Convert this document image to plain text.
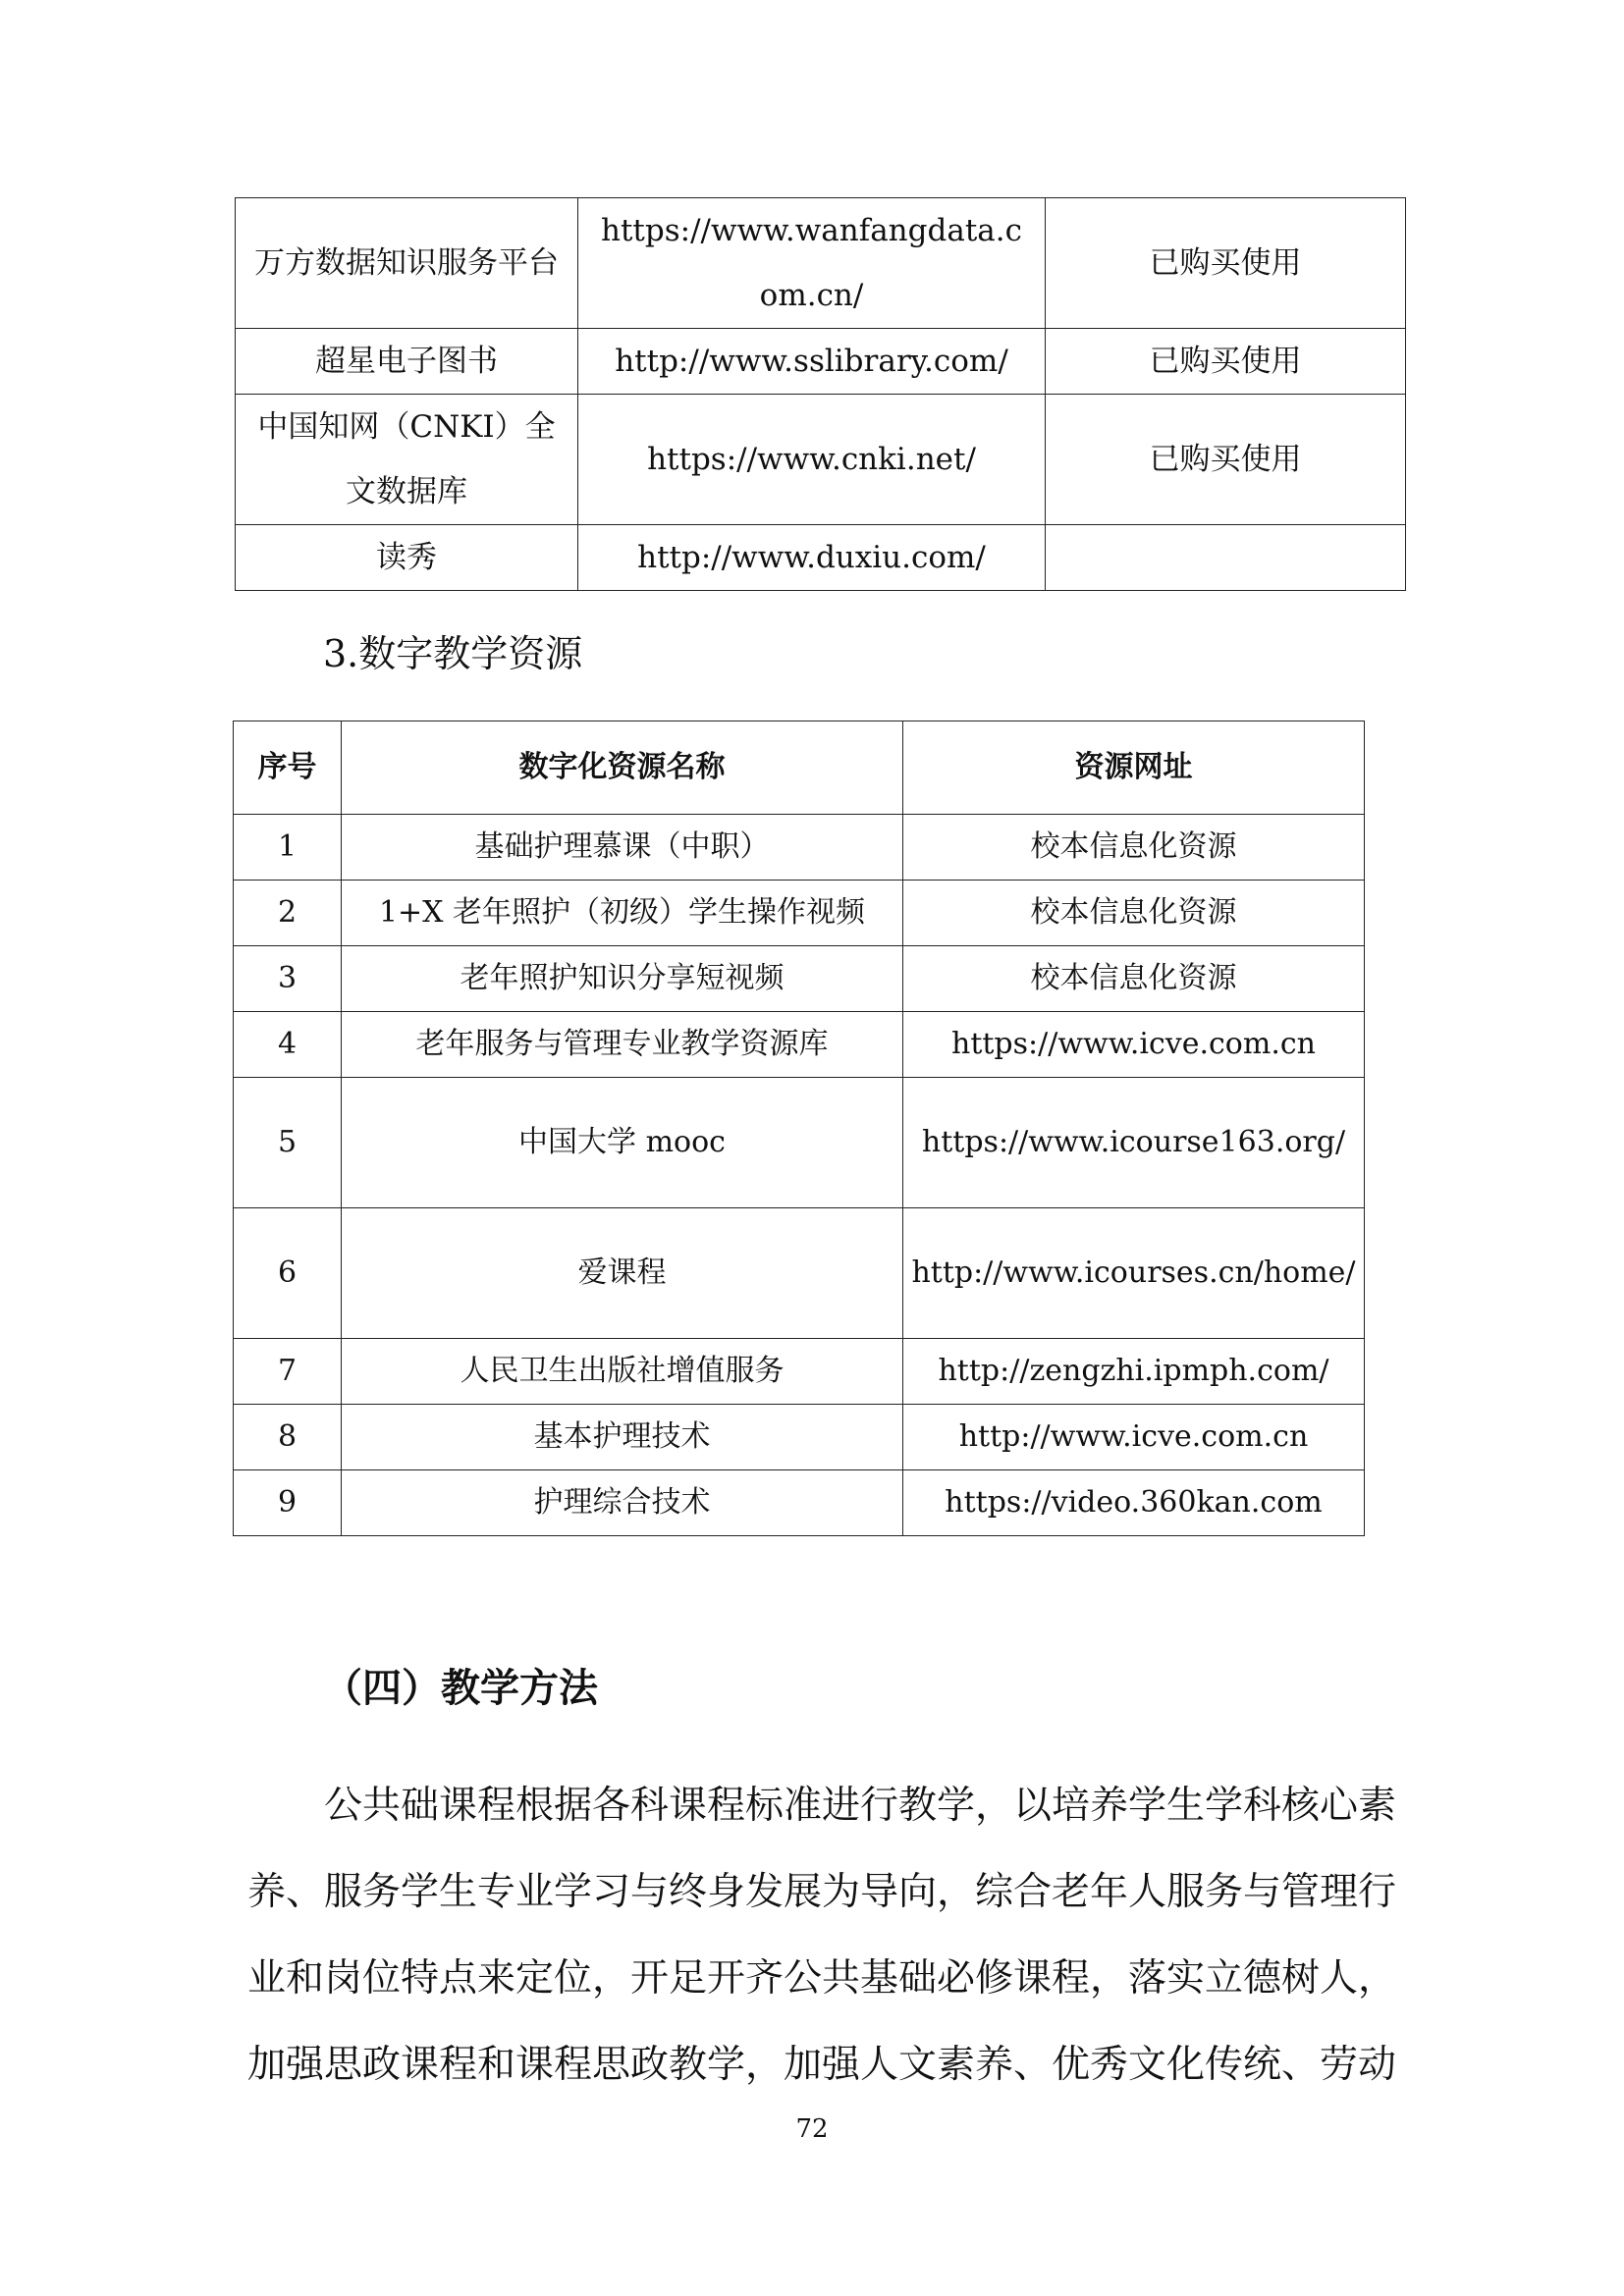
万方数据知识服务平台	https://www.wanfangdata.com.cn/	已购买使用
超星电子图书	http://www.sslibrary.com/	已购买使用
中国知网（CNKI）全文数据库	https://www.cnki.net/	已购买使用
读秀	http://www.duxiu.com/	
3.数字教学资源
序号	数字化资源名称	资源网址
1	基础护理慕课（中职）	校本信息化资源
2	1+X 老年照护（初级）学生操作视频	校本信息化资源
3	老年照护知识分享短视频	校本信息化资源
4	老年服务与管理专业教学资源库	https://www.icve.com.cn
5	中国大学 mooc	https://www.icourse163.org/
6	爱课程	http://www.icourses.cn/home/
7	人民卫生出版社增值服务	http://zengzhi.ipmph.com/
8	基本护理技术	http://www.icve.com.cn
9	护理综合技术	https://video.360kan.com
（四）教学方法

公共础课程根据各科课程标准进行教学，以培养学生学科核心素养、服务学生专业学习与终身发展为导向，综合老年人服务与管理行业和岗位特点来定位，开足开齐公共基础必修课程，落实立德树人，加强思政课程和课程思政教学，加强人文素养、优秀文化传统、劳动

72
